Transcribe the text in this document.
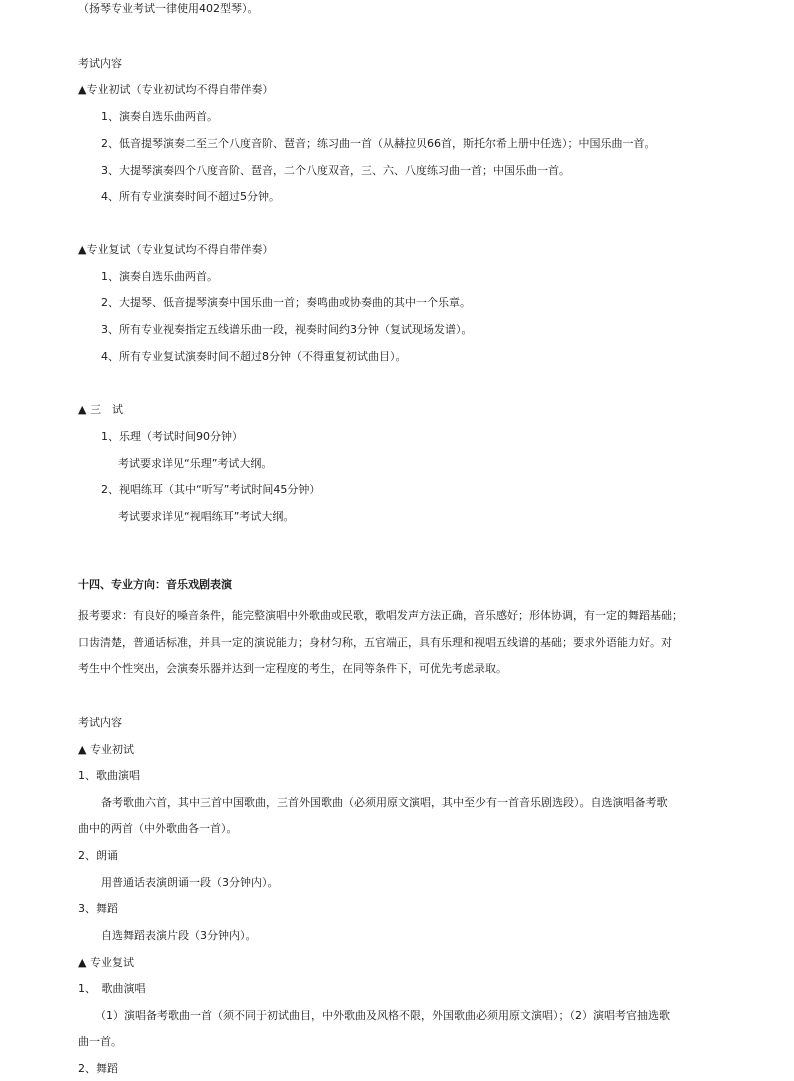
（扬琴专业考试一律使用402型琴）。
考试内容
▲专业初试（专业初试均不得自带伴奏）
1、演奏自选乐曲两首。
2、低音提琴演奏二至三个八度音阶、琶音；练习曲一首（从赫拉贝66首，斯托尔希上册中任选）；中国乐曲一首。
3、大提琴演奏四个八度音阶、琶音，二个八度双音，三、六、八度练习曲一首；中国乐曲一首。
4、所有专业演奏时间不超过5分钟。
▲专业复试（专业复试均不得自带伴奏）
1、演奏自选乐曲两首。
2、大提琴、低音提琴演奏中国乐曲一首；奏鸣曲或协奏曲的其中一个乐章。
3、所有专业视奏指定五线谱乐曲一段，视奏时间约3分钟（复试现场发谱）。
4、所有专业复试演奏时间不超过8分钟（不得重复初试曲目）。
▲ 三　试
1、乐理（考试时间90分钟）
考试要求详见“乐理”考试大纲。
2、视唱练耳（其中“听写”考试时间45分钟）
考试要求详见“视唱练耳”考试大纲。
十四、专业方向：音乐戏剧表演
报考要求：有良好的嗓音条件，能完整演唱中外歌曲或民歌，歌唱发声方法正确，音乐感好；形体协调，有一定的舞蹈基础；
口齿清楚，普通话标准，并具一定的演说能力；身材匀称，五官端正，具有乐理和视唱五线谱的基础；要求外语能力好。对
考生中个性突出，会演奏乐器并达到一定程度的考生，在同等条件下，可优先考虑录取。
考试内容
▲ 专业初试
1、歌曲演唱
备考歌曲六首，其中三首中国歌曲，三首外国歌曲（必须用原文演唱，其中至少有一首音乐剧选段）。自选演唱备考歌
曲中的两首（中外歌曲各一首）。
2、朗诵
用普通话表演朗诵一段（3分钟内）。
3、舞蹈
自选舞蹈表演片段（3分钟内）。
▲ 专业复试
1、　歌曲演唱
（1）演唱备考歌曲一首（须不同于初试曲目，中外歌曲及风格不限，外国歌曲必须用原文演唱）；（2）演唱考官抽选歌
曲一首。
2、舞蹈
